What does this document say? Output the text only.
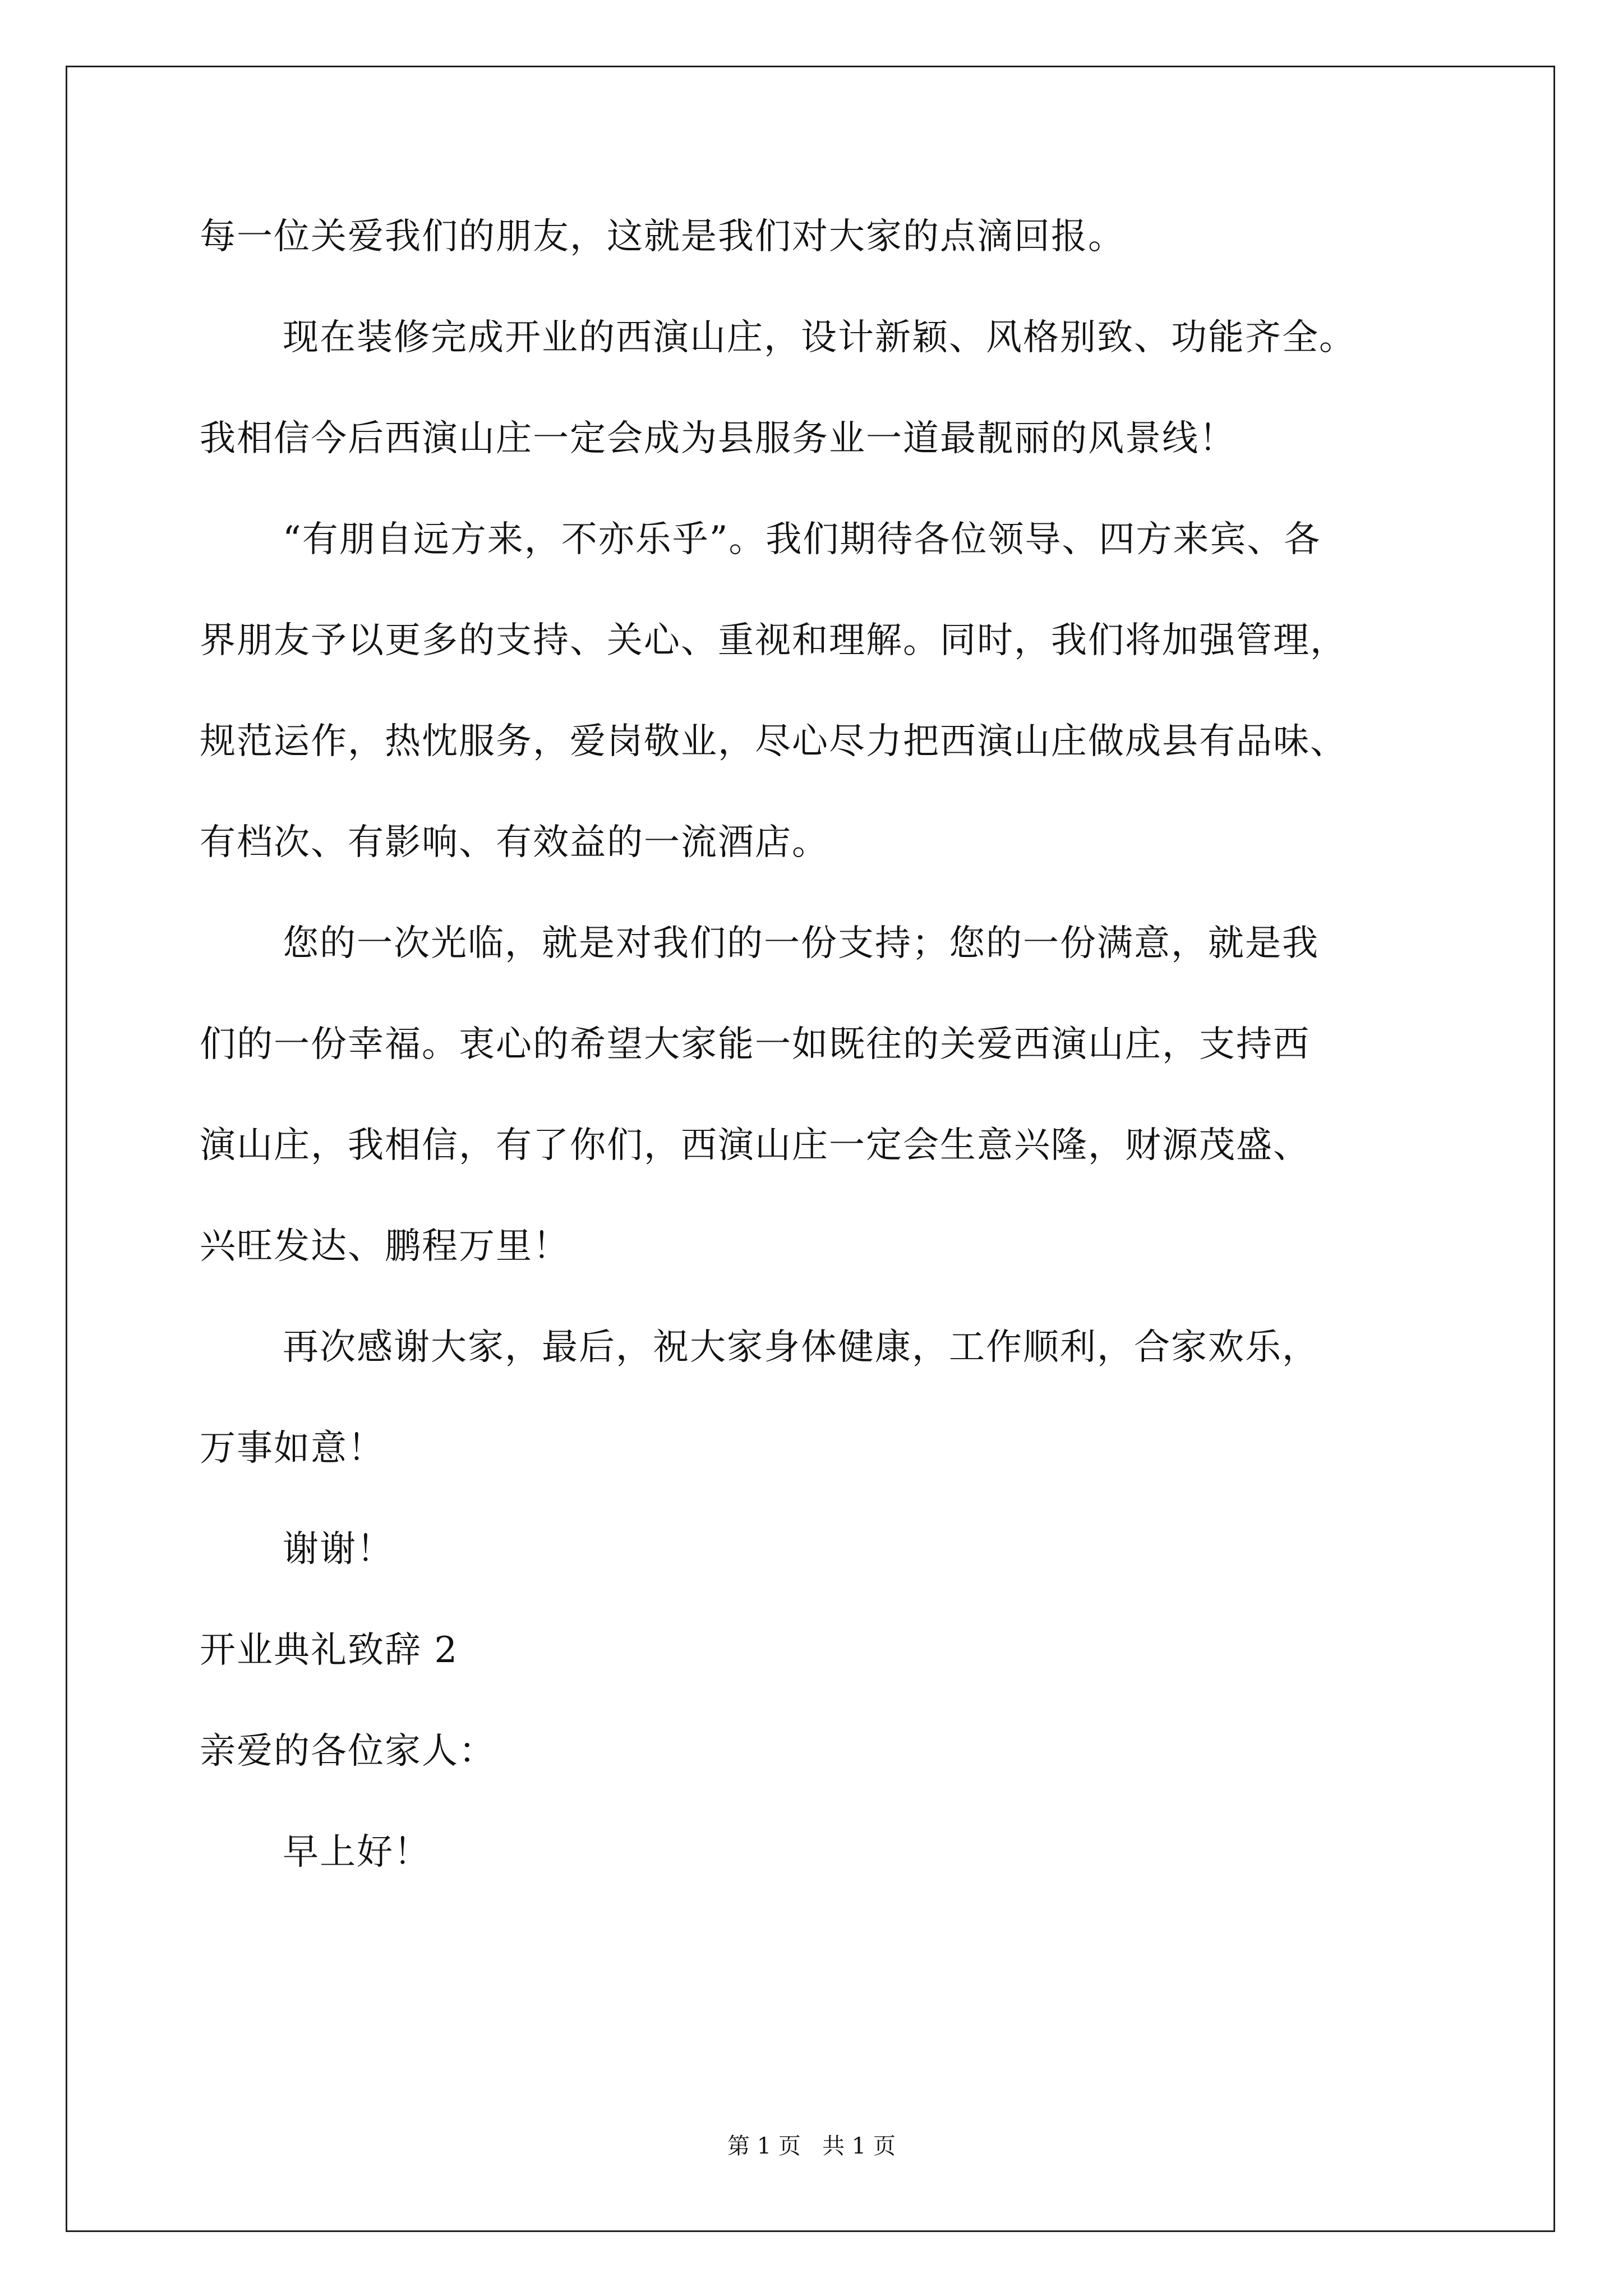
每一位关爱我们的朋友，这就是我们对大家的点滴回报。
现在装修完成开业的西演山庄，设计新颖、风格别致、功能齐全。
我相信今后西演山庄一定会成为县服务业一道最靓丽的风景线！
“有朋自远方来，不亦乐乎”。我们期待各位领导、四方来宾、各
界朋友予以更多的支持、关心、重视和理解。同时，我们将加强管理，
规范运作，热忱服务，爱岗敬业，尽心尽力把西演山庄做成县有品味、
有档次、有影响、有效益的一流酒店。
您的一次光临，就是对我们的一份支持；您的一份满意，就是我
们的一份幸福。衷心的希望大家能一如既往的关爱西演山庄，支持西
演山庄，我相信，有了你们，西演山庄一定会生意兴隆，财源茂盛、
兴旺发达、鹏程万里！
再次感谢大家，最后，祝大家身体健康，工作顺利，合家欢乐，
万事如意！
谢谢！
开业典礼致辞 2
亲爱的各位家人：
早上好！
第 1 页   共 1 页
